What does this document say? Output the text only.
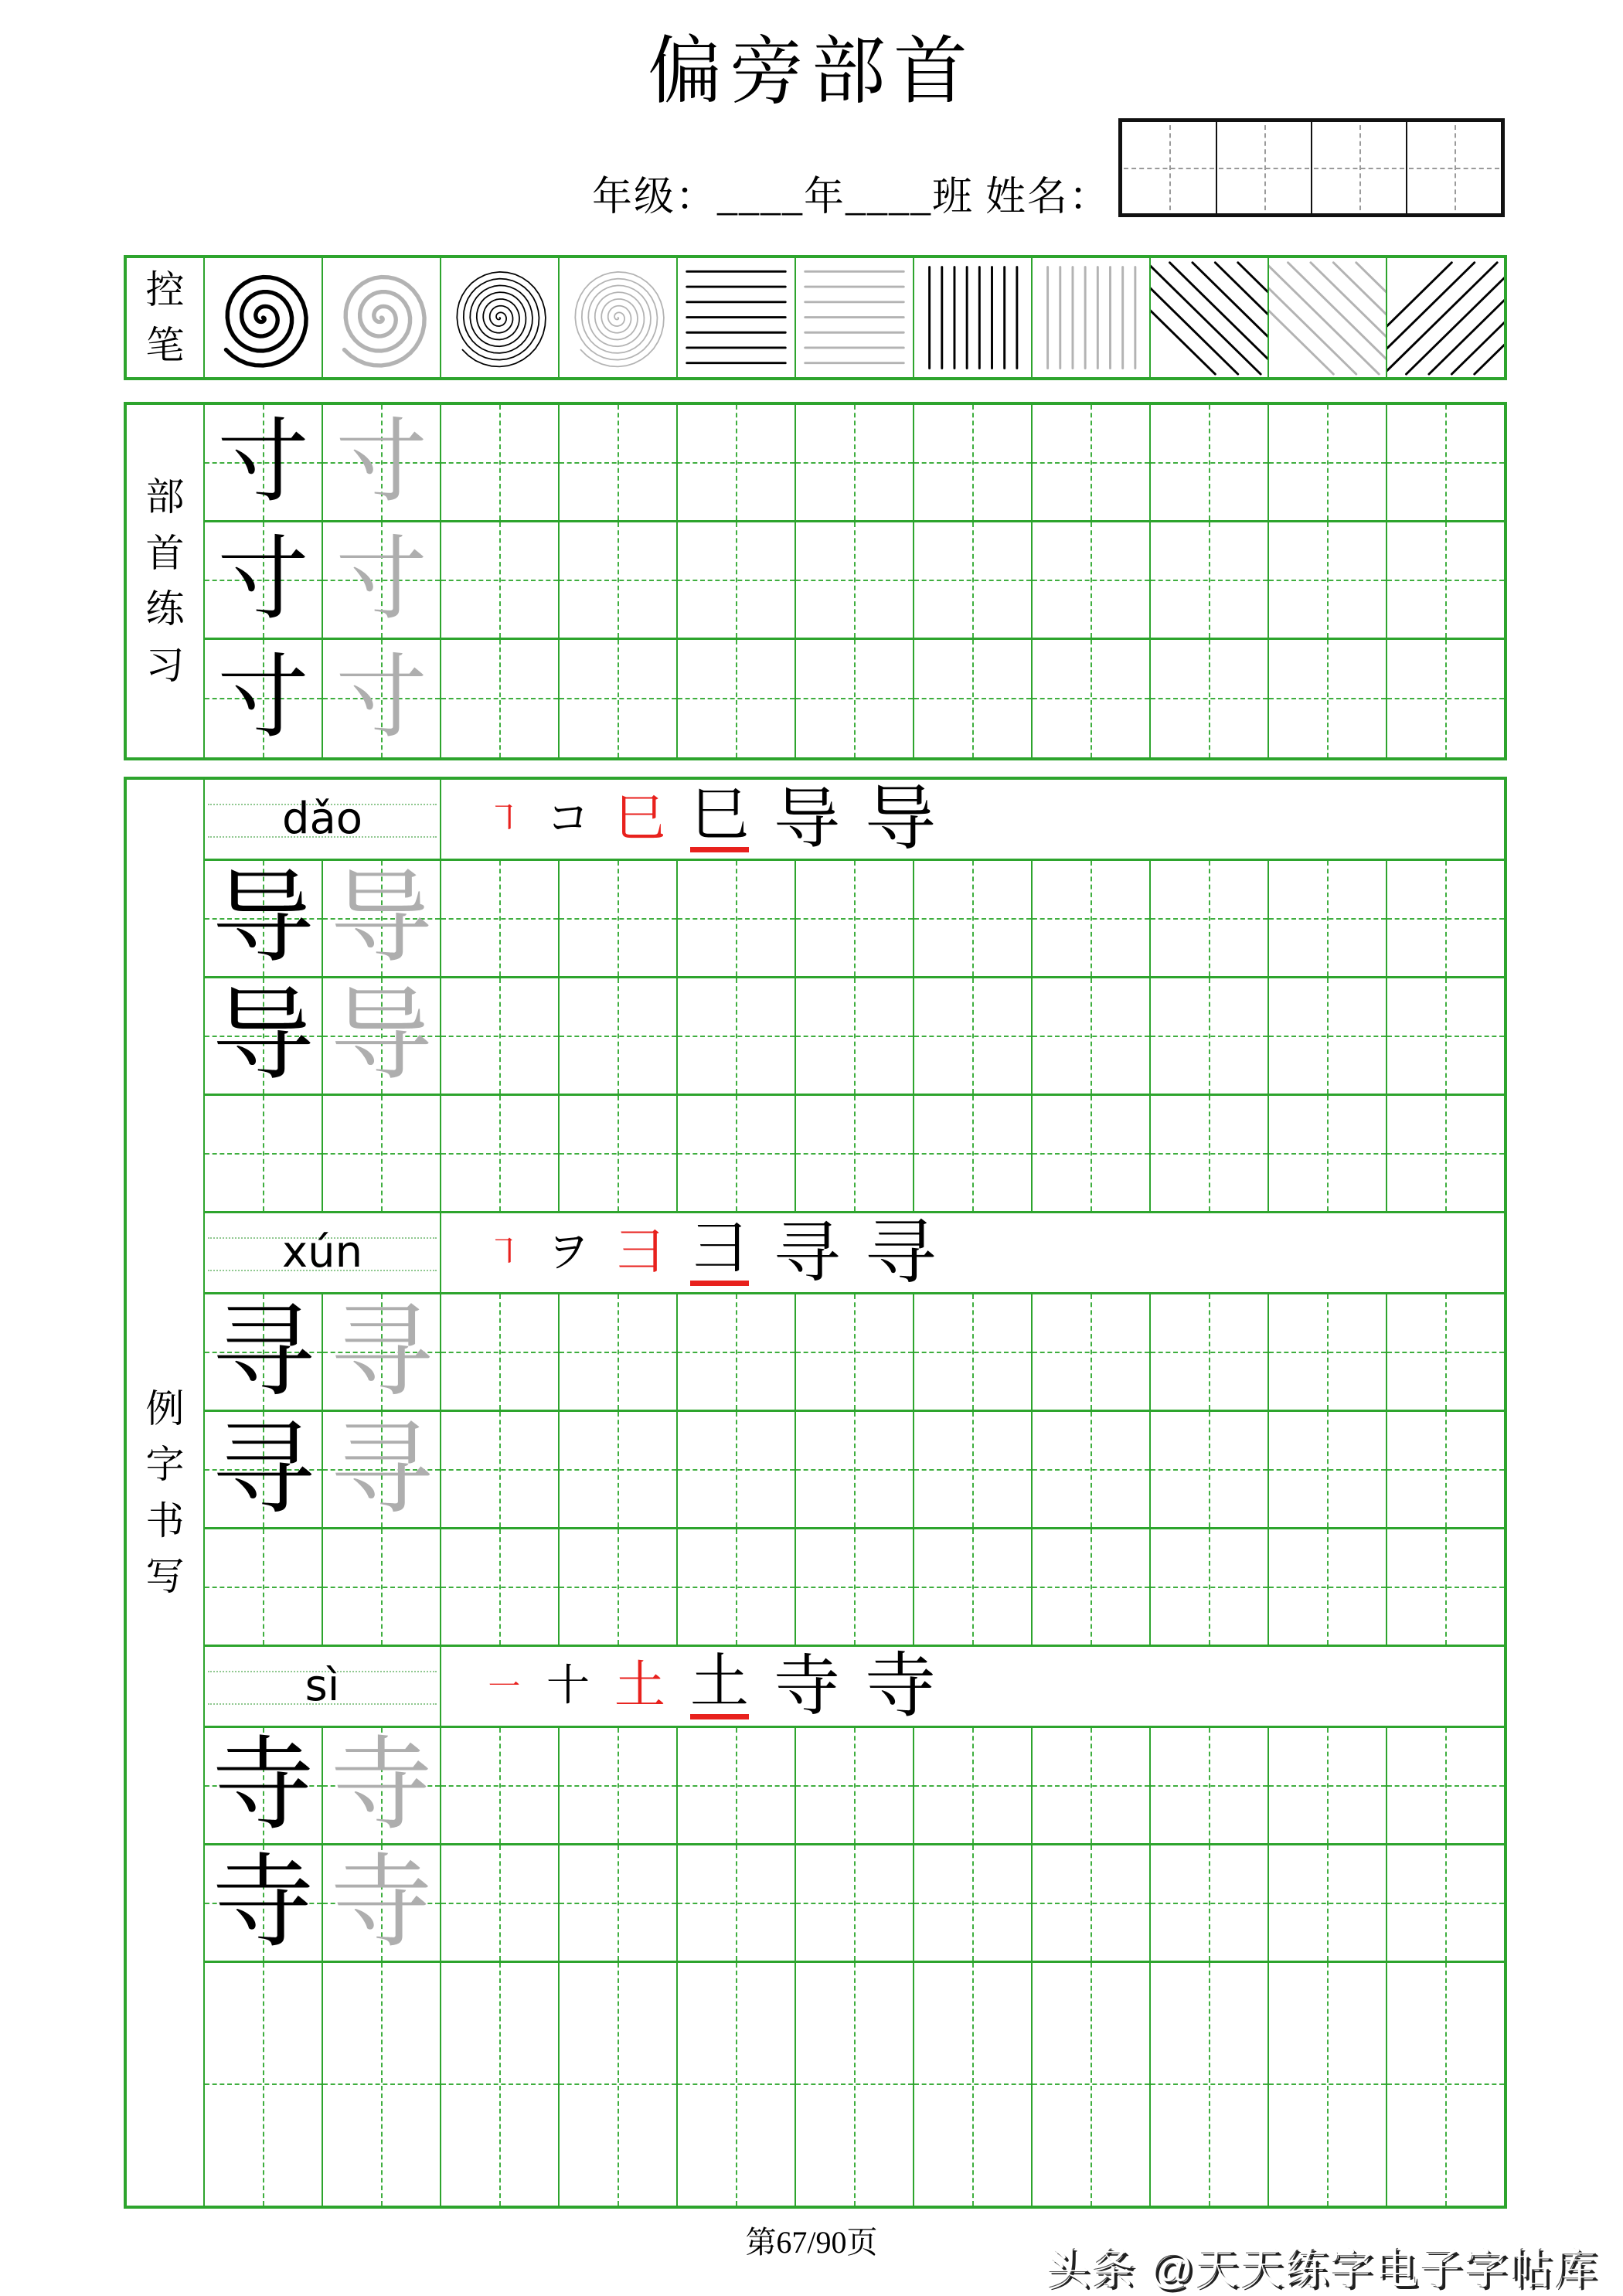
偏旁部首
年级：____年____班 姓名：
控笔
部首练习
寸 寸
寸 寸
寸 寸
例字书写
dǎo	㇕ コ 巳 巳 导 导
导 导
导 导
xún	㇕ ヲ 彐 彐 寻 寻
寻 寻
寻 寻
sì	㇐ 十 土 土 寺 寺
寺 寺
寺 寺
第67/90页
头条 @天天练字电子字帖库
